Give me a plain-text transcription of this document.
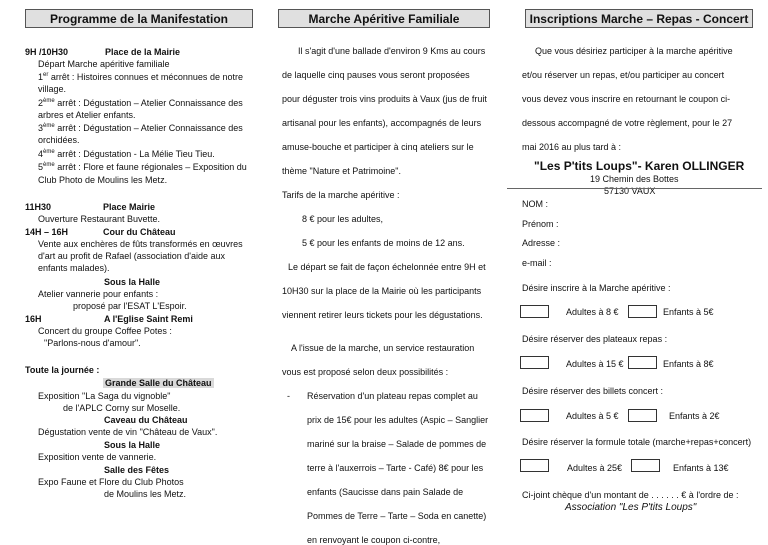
Programme de la Manifestation
9H /10H30	Place de la Mairie
Départ Marche apéritive familiale
1er arrêt : Histoires connues et méconnues de notre
village.
2ème arrêt : Dégustation – Atelier Connaissance des
arbres et Atelier enfants.
3ème arrêt : Dégustation – Atelier Connaissance des
orchidées.
4ème arrêt : Dégustation - La Mélie Tieu Tieu.
5ème arrêt : Flore et faune régionales – Exposition du
Club Photo de Moulins les Metz.
11H30	Place Mairie
Ouverture Restaurant Buvette.
14H – 16H	Cour du Château
Vente aux enchères de fûts transformés en œuvres
d'art au profit de Rafael (association d'aide aux
enfants malades).
Sous la Halle
Atelier vannerie pour enfants :
proposé par l'ESAT L'Espoir.
16H	A l'Eglise Saint Remi
Concert du groupe Coffee Potes :
"Parlons-nous d'amour".
Toute la journée :
Grande Salle du Château
Exposition "La Saga du vignoble"
de l'APLC Corny sur Moselle.
Caveau du Château
Dégustation vente de vin "Château de Vaux".
Sous la Halle
Exposition vente de vannerie.
Salle des Fêtes
Expo Faune et Flore du Club Photos
de Moulins les Metz.
Marche Apéritive Familiale

Il s'agit d'une ballade d'environ 9 Kms au cours

de laquelle cinq pauses vous seront proposées

pour déguster trois vins produits à Vaux (jus de fruit

artisanal pour les enfants), accompagnés de leurs

amuse-bouche et participer à cinq ateliers sur le

thème "Nature et Patrimoine".

Tarifs de la marche apéritive :

8 € pour les adultes,

5 € pour les enfants de moins de 12 ans.

Le départ se fait de façon échelonnée entre 9H et

10H30 sur la place de la Mairie où les participants

viennent retirer leurs tickets pour les dégustations.

A l'issue de la marche, un service restauration

vous est proposé selon deux possibilités :

- Réservation d'un plateau repas complet au

prix de 15€ pour les adultes (Aspic – Sanglier

mariné sur la braise – Salade de pommes de

terre à l'auxerrois – Tarte - Café) 8€ pour les

enfants (Saucisse dans pain Salade de

Pommes de Terre – Tarte – Soda en canette)

en renvoyant le coupon ci-contre,

Inscriptions Marche – Repas - Concert
Que vous désiriez participer à la marche apéritive
et/ou réserver un repas, et/ou participer au concert
vous devez vous inscrire en retournant le coupon ci-
dessous accompagné de votre règlement, pour le 27
mai 2016 au plus tard à :
"Les P'tits Loups"- Karen OLLINGER
19 Chemin des Bottes
57130 VAUX
NOM :
Prénom :
Adresse :
e-mail :
Désire inscrire à la Marche apéritive :
Adultes à 8 €	Enfants à 5€
Désire réserver des plateaux repas :
Adultes à 15 €	Enfants à 8€
Désire réserver des billets concert :
Adultes à 5 €	Enfants à 2€
Désire réserver la formule totale (marche+repas+concert)
Adultes à 25€	Enfants à 13€
Ci-joint chèque d'un montant de . . . . . . € à l'ordre de :
Association "Les P'tits Loups"
